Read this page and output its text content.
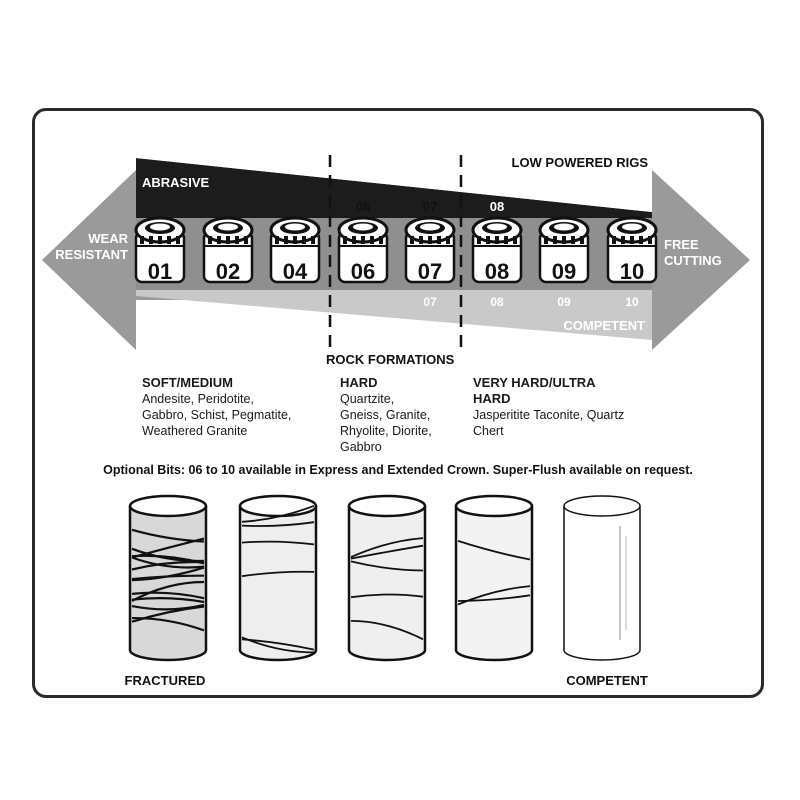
ABRASIVE
LOW POWERED RIGS
WEAR
RESISTANT
FREE
CUTTING
COMPETENT
01 02 04 06 07 08 09 10
06	07	08
07	08	09	10
ROCK FORMATIONS
SOFT/MEDIUM
Andesite, Peridotite,
Gabbro, Schist, Pegmatite,
Weathered Granite
HARD
Quartzite,
Gneiss, Granite,
Rhyolite, Diorite,
Gabbro
VERY HARD/ULTRA
HARD
Jasperitite Taconite, Quartz
Chert
Optional Bits: 06 to 10 available in Express and Extended Crown. Super-Flush available on request.
FRACTURED	COMPETENT
